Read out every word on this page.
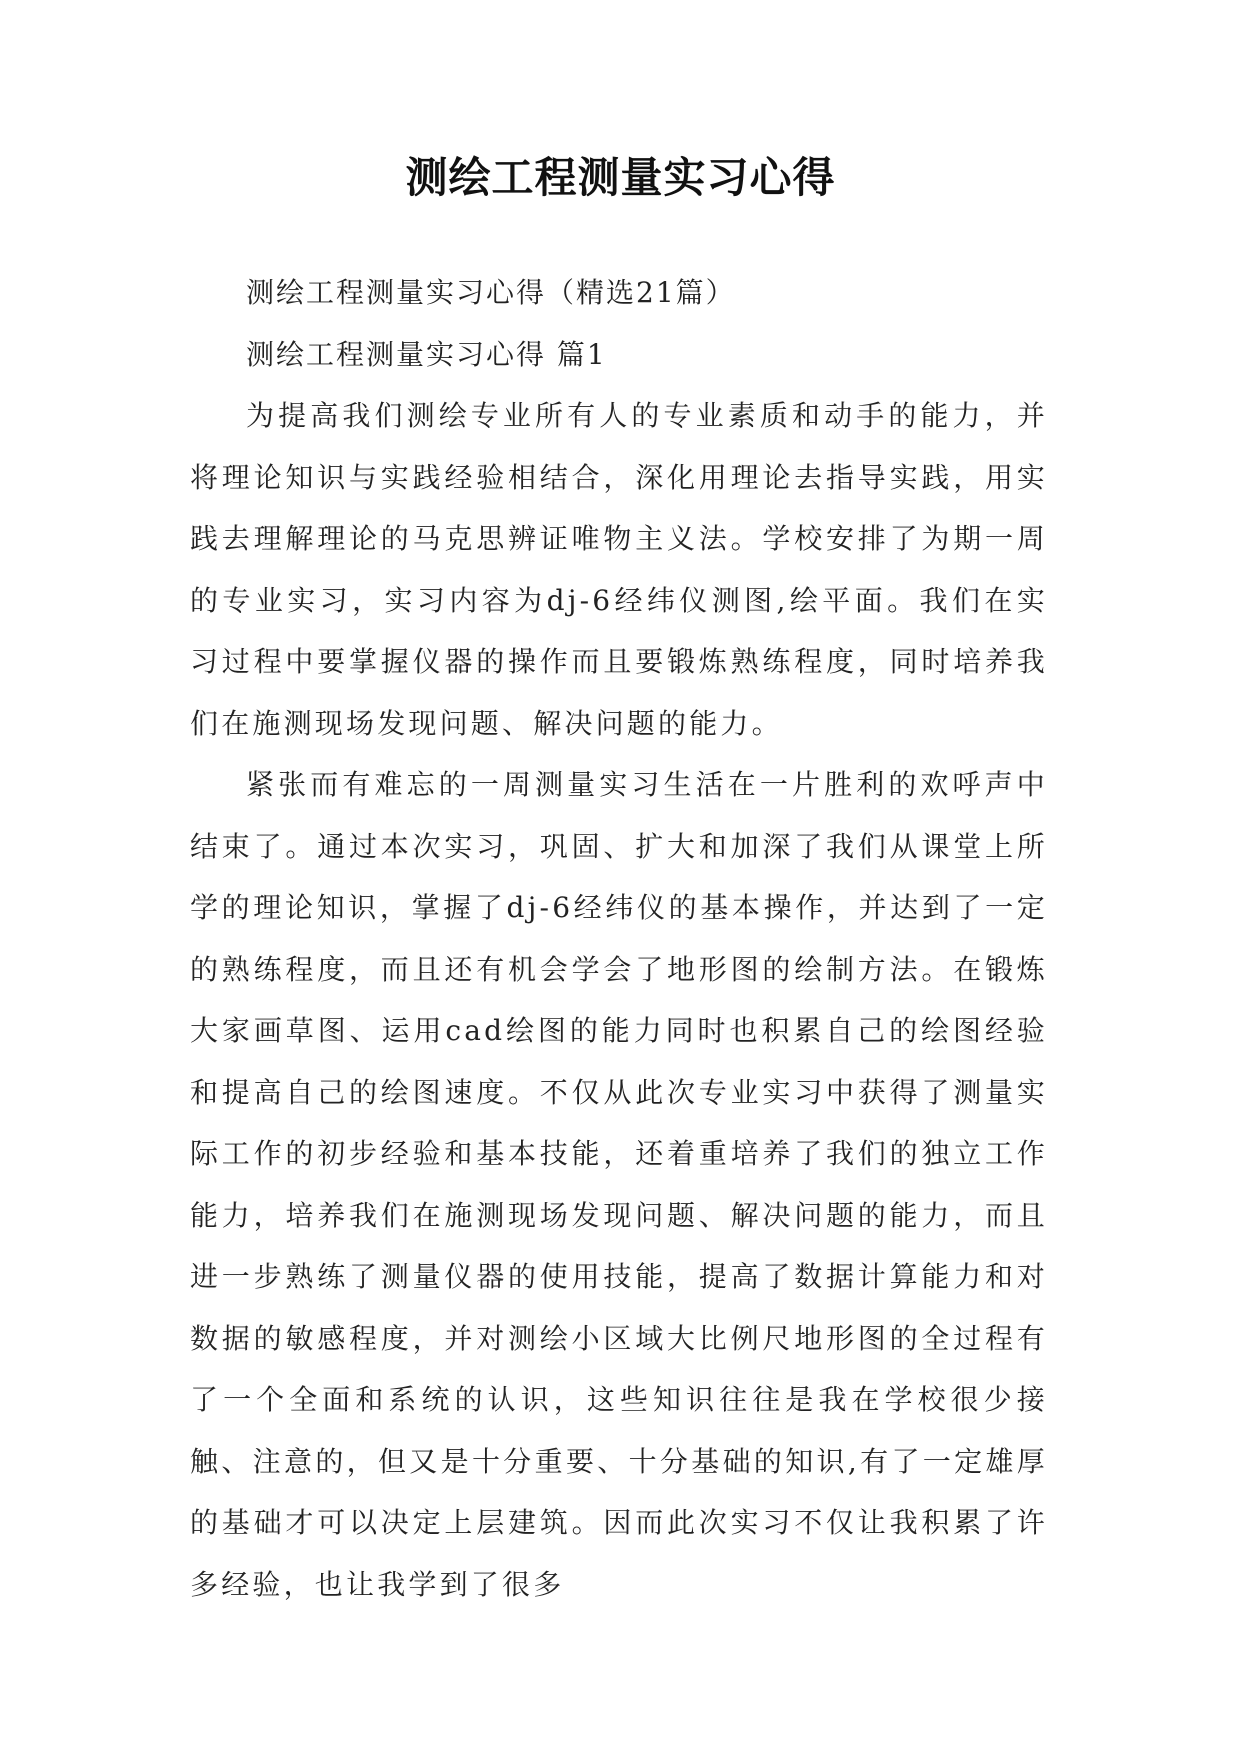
测绘工程测量实习心得

测绘工程测量实习心得（精选21篇）

测绘工程测量实习心得 篇1

为提高我们测绘专业所有人的专业素质和动手的能力，并将理论知识与实践经验相结合，深化用理论去指导实践，用实践去理解理论的马克思辨证唯物主义法。学校安排了为期一周的专业实习，实习内容为dj-6经纬仪测图,绘平面。我们在实习过程中要掌握仪器的操作而且要锻炼熟练程度，同时培养我们在施测现场发现问题、解决问题的能力。

紧张而有难忘的一周测量实习生活在一片胜利的欢呼声中结束了。通过本次实习，巩固、扩大和加深了我们从课堂上所学的理论知识，掌握了dj-6经纬仪的基本操作，并达到了一定的熟练程度，而且还有机会学会了地形图的绘制方法。在锻炼大家画草图、运用cad绘图的能力同时也积累自己的绘图经验和提高自己的绘图速度。不仅从此次专业实习中获得了测量实际工作的初步经验和基本技能，还着重培养了我们的独立工作能力，培养我们在施测现场发现问题、解决问题的能力，而且进一步熟练了测量仪器的使用技能，提高了数据计算能力和对数据的敏感程度，并对测绘小区域大比例尺地形图的全过程有了一个全面和系统的认识，这些知识往往是我在学校很少接触、注意的，但又是十分重要、十分基础的知识,有了一定雄厚的基础才可以决定上层建筑。因而此次实习不仅让我积累了许多经验，也让我学到了很多
